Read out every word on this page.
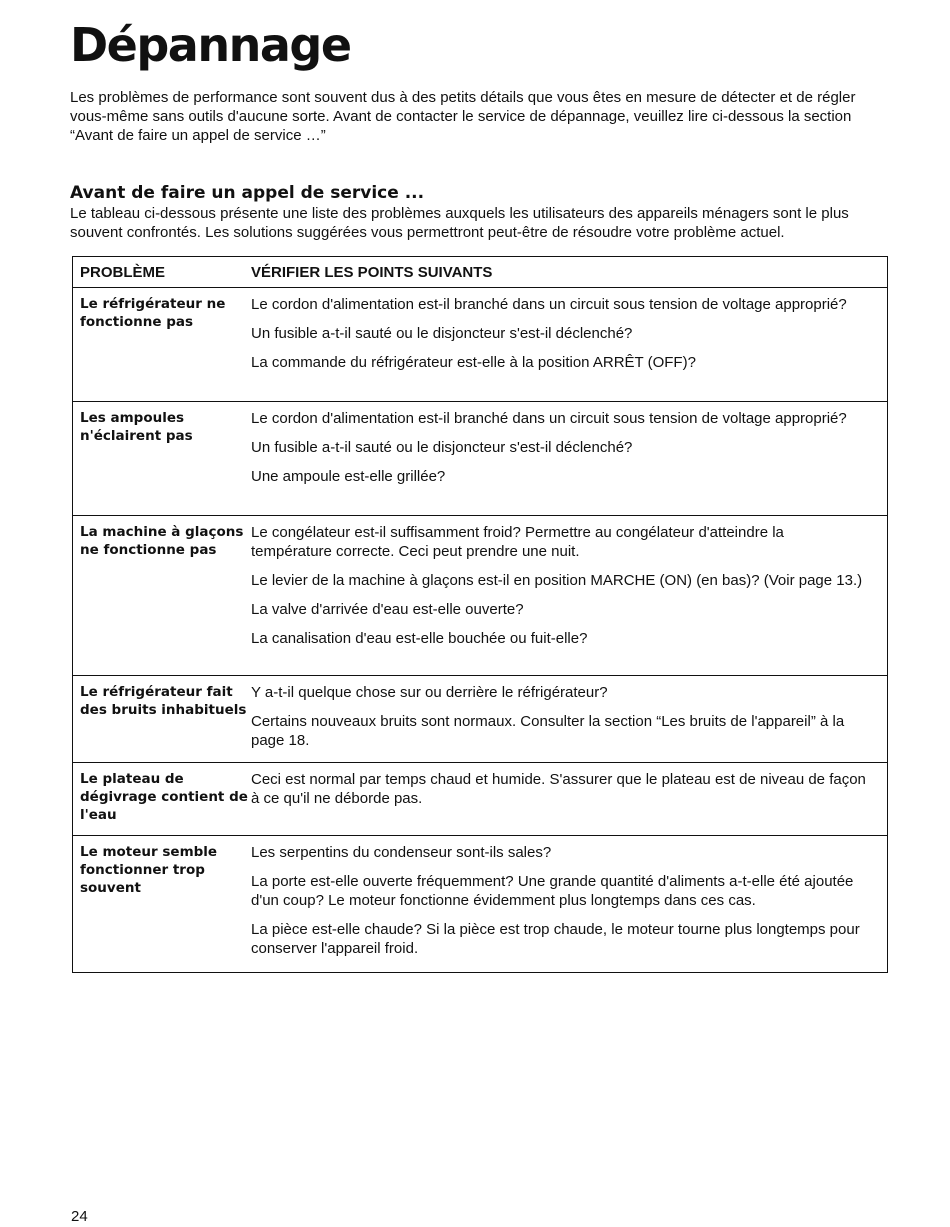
Dépannage

Les problèmes de performance sont souvent dus à des petits détails que vous êtes en mesure de détecter et de régler vous-même sans outils d'aucune sorte. Avant de contacter le service de dépannage, veuillez lire ci-dessous la section “Avant de faire un appel de service …”

Avant de faire un appel de service ...

Le tableau ci-dessous présente une liste des problèmes auxquels les utilisateurs des appareils ménagers sont le plus souvent confrontés. Les solutions suggérées vous permettront peut-être de résoudre votre problème actuel.

PROBLÈME	VÉRIFIER LES POINTS SUIVANTS
Le réfrigérateur ne fonctionne pas

Le cordon d'alimentation est-il branché dans un circuit sous tension de voltage approprié?

Un fusible a-t-il sauté ou le disjoncteur s'est-il déclenché?

La commande du réfrigérateur est-elle à la position ARRÊT (OFF)?

Les ampoules n'éclairent pas

Le cordon d'alimentation est-il branché dans un circuit sous tension de voltage approprié?

Un fusible a-t-il sauté ou le disjoncteur s'est-il déclenché?

Une ampoule est-elle grillée?

La machine à glaçons ne fonctionne pas

Le congélateur est-il suffisamment froid? Permettre au congélateur d'atteindre la température correcte. Ceci peut prendre une nuit.

Le levier de la machine à glaçons est-il en position MARCHE (ON) (en bas)? (Voir page 13.)

La valve d'arrivée d'eau est-elle ouverte?

La canalisation d'eau est-elle bouchée ou fuit-elle?

Le réfrigérateur fait des bruits inhabituels

Y a-t-il quelque chose sur ou derrière le réfrigérateur?

Certains nouveaux bruits sont normaux. Consulter la section “Les bruits de l'appareil” à la page 18.

Le plateau de dégivrage contient de l'eau

Ceci est normal par temps chaud et humide. S'assurer que le plateau est de niveau de façon à ce qu'il ne déborde pas.

Le moteur semble fonctionner trop souvent

Les serpentins du condenseur sont-ils sales?

La porte est-elle ouverte fréquemment? Une grande quantité d'aliments a-t-elle été ajoutée d'un coup? Le moteur fonctionne évidemment plus longtemps dans ces cas.

La pièce est-elle chaude? Si la pièce est trop chaude, le moteur tourne plus longtemps pour conserver l'appareil froid.

24
